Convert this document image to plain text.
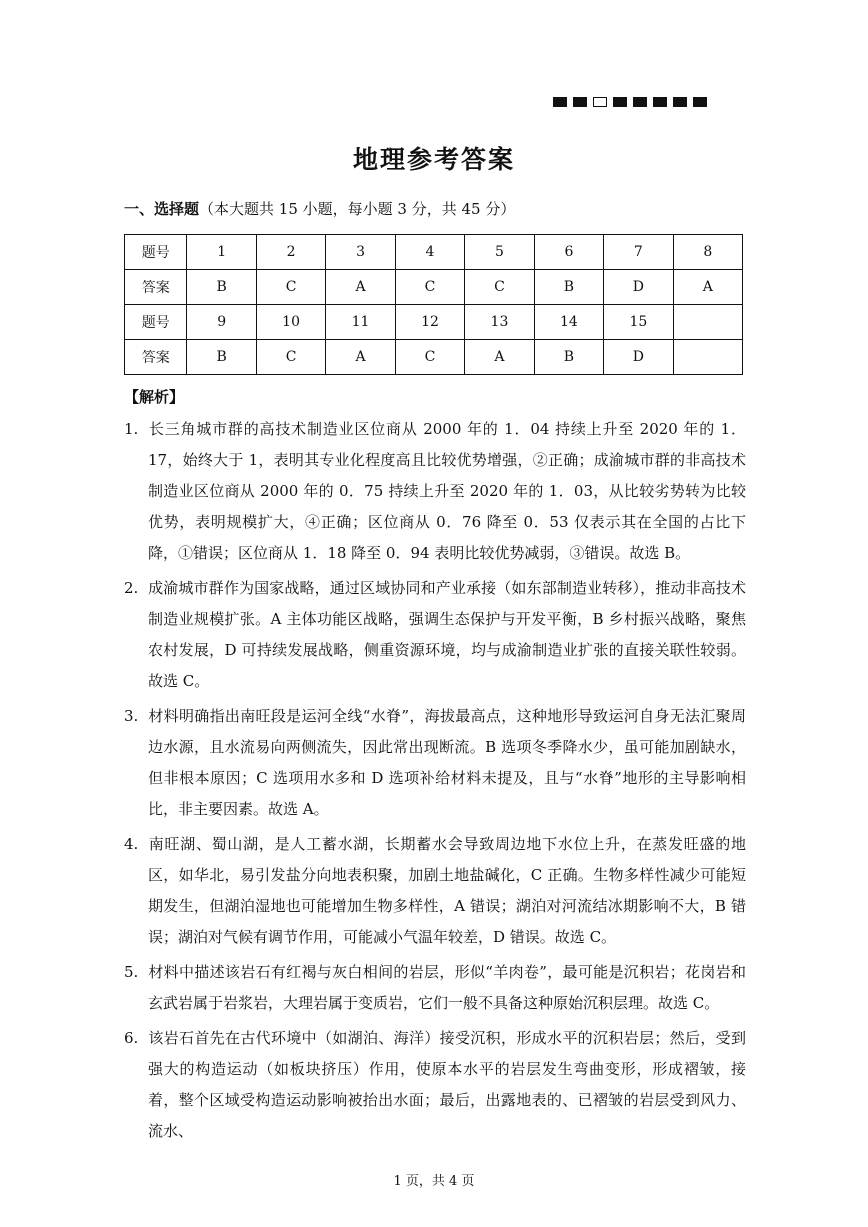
地理参考答案
一、选择题（本大题共 15 小题，每小题 3 分，共 45 分）
题号	1	2	3	4	5	6	7	8
答案	B	C	A	C	C	B	D	A
题号	9	10	11	12	13	14	15	
答案	B	C	A	C	A	B	D	
【解析】
1. 长三角城市群的高技术制造业区位商从 2000 年的 1．04 持续上升至 2020 年的 1．17，始终大于 1，表明其专业化程度高且比较优势增强，②正确；成渝城市群的非高技术制造业区位商从 2000 年的 0．75 持续上升至 2020 年的 1．03，从比较劣势转为比较优势，表明规模扩大，④正确；区位商从 0．76 降至 0．53 仅表示其在全国的占比下降，①错误；区位商从 1．18 降至 0．94 表明比较优势减弱，③错误。故选 B。
2. 成渝城市群作为国家战略，通过区域协同和产业承接（如东部制造业转移），推动非高技术制造业规模扩张。A 主体功能区战略，强调生态保护与开发平衡，B 乡村振兴战略，聚焦农村发展，D 可持续发展战略，侧重资源环境，均与成渝制造业扩张的直接关联性较弱。故选 C。
3. 材料明确指出南旺段是运河全线“水脊”，海拔最高点，这种地形导致运河自身无法汇聚周边水源，且水流易向两侧流失，因此常出现断流。B 选项冬季降水少，虽可能加剧缺水，但非根本原因；C 选项用水多和 D 选项补给材料未提及，且与“水脊”地形的主导影响相比，非主要因素。故选 A。
4. 南旺湖、蜀山湖，是人工蓄水湖，长期蓄水会导致周边地下水位上升，在蒸发旺盛的地区，如华北，易引发盐分向地表积聚，加剧土地盐碱化，C 正确。生物多样性减少可能短期发生，但湖泊湿地也可能增加生物多样性，A 错误；湖泊对河流结冰期影响不大，B 错误；湖泊对气候有调节作用，可能减小气温年较差，D 错误。故选 C。
5. 材料中描述该岩石有红褐与灰白相间的岩层，形似“羊肉卷”，最可能是沉积岩；花岗岩和玄武岩属于岩浆岩，大理岩属于变质岩，它们一般不具备这种原始沉积层理。故选 C。
6. 该岩石首先在古代环境中（如湖泊、海洋）接受沉积，形成水平的沉积岩层；然后，受到强大的构造运动（如板块挤压）作用，使原本水平的岩层发生弯曲变形，形成褶皱，接着，整个区域受构造运动影响被抬出水面；最后，出露地表的、已褶皱的岩层受到风力、流水、
1 页，共 4 页
